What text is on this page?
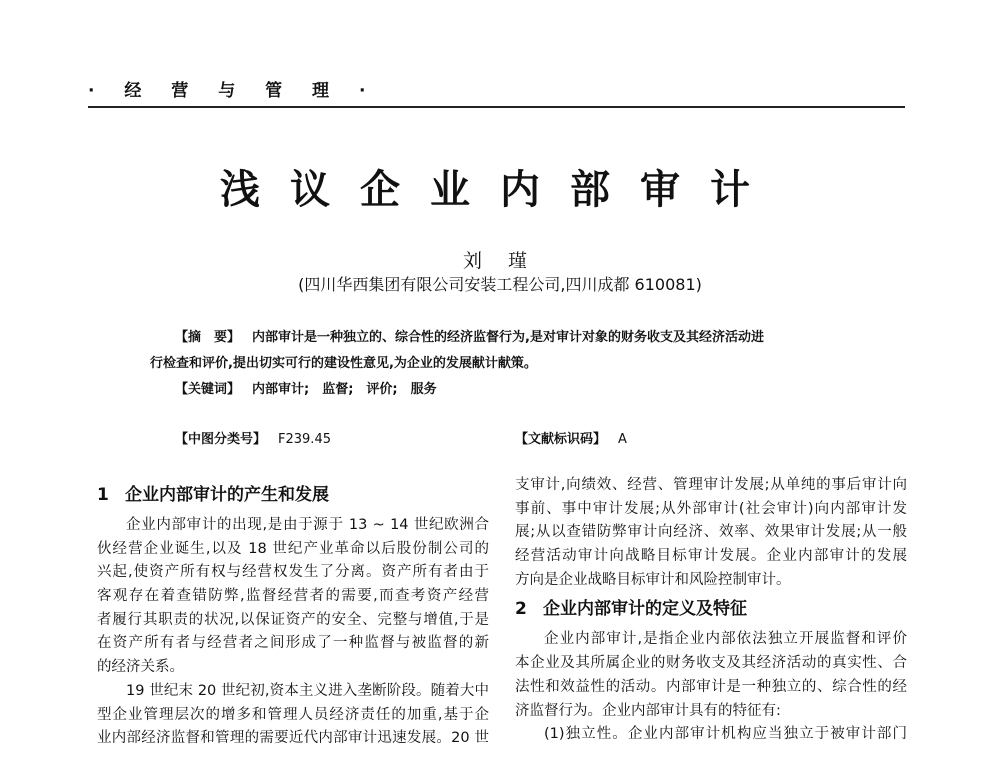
· 经 营 与 管 理 ·
浅议企业内部审计
刘 瑾
(四川华西集团有限公司安装工程公司,四川成都 610081)
【摘　要】 内部审计是一种独立的、综合性的经济监督行为,是对审计对象的财务收支及其经济活动进
行检查和评价,提出切实可行的建设性意见,为企业的发展献计献策。
【关键词】 内部审计;　监督;　评价;　服务
【中图分类号】 F239.45	【文献标识码】 A
1 企业内部审计的产生和发展
企业内部审计的出现,是由于源于 13 ~ 14 世纪欧洲合
伙经营企业诞生,以及 18 世纪产业革命以后股份制公司的
兴起,使资产所有权与经营权发生了分离。资产所有者由于
客观存在着查错防弊,监督经营者的需要,而查考资产经营
者履行其职责的状况,以保证资产的安全、完整与增值,于是
在资产所有者与经营者之间形成了一种监督与被监督的新
的经济关系。
19 世纪末 20 世纪初,资本主义进入垄断阶段。随着大中
型企业管理层次的增多和管理人员经济责任的加重,基于企
业内部经济监督和管理的需要近代内部审计迅速发展。20 世
支审计,向绩效、经营、管理审计发展;从单纯的事后审计向
事前、事中审计发展;从外部审计(社会审计)向内部审计发
展;从以查错防弊审计向经济、效率、效果审计发展;从一般
经营活动审计向战略目标审计发展。企业内部审计的发展
方向是企业战略目标审计和风险控制审计。
2 企业内部审计的定义及特征
企业内部审计,是指企业内部依法独立开展监督和评价
本企业及其所属企业的财务收支及其经济活动的真实性、合
法性和效益性的活动。内部审计是一种独立的、综合性的经
济监督行为。企业内部审计具有的特征有:
(1)独立性。企业内部审计机构应当独立于被审计部门
